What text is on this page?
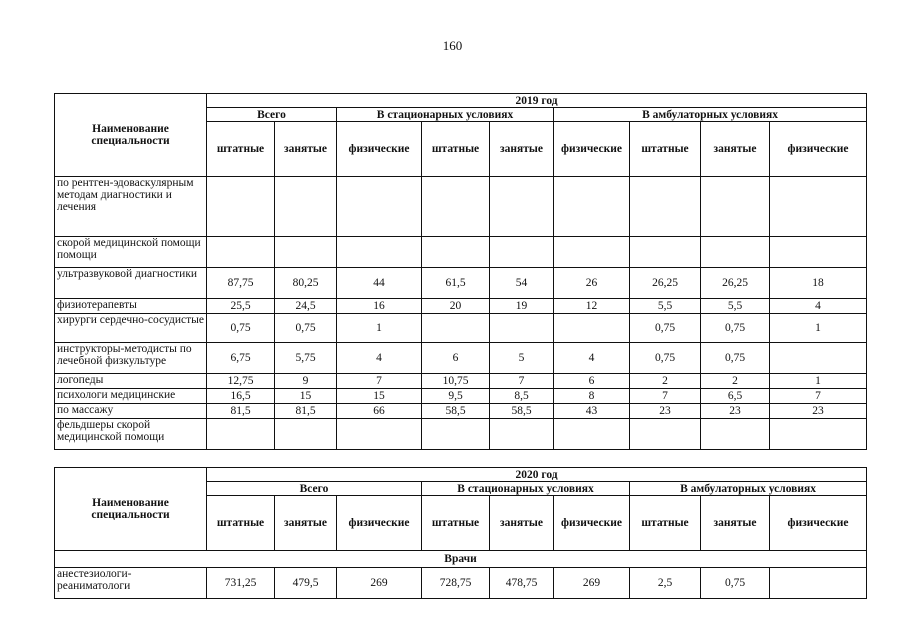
160
Наименование специальности	2019 год								
	Всего		В стационарных условиях			В амбулаторных условиях			
	штатные	занятые	физические	штатные	занятые	физические	штатные	занятые	физические
по рентген-эдоваскулярным методам диагностики и лечения									
скорой медицинской помощи помощи									
ультразвуковой диагностики	87,75	80,25	44	61,5	54	26	26,25	26,25	18
физиотерапевты	25,5	24,5	16	20	19	12	5,5	5,5	4
хирурги сердечно-сосудистые	0,75	0,75	1				0,75	0,75	1
инструкторы-методисты по лечебной физкультуре	6,75	5,75	4	6	5	4	0,75	0,75	
логопеды	12,75	9	7	10,75	7	6	2	2	1
психологи медицинские	16,5	15	15	9,5	8,5	8	7	6,5	7
по массажу	81,5	81,5	66	58,5	58,5	43	23	23	23
фельдшеры скорой медицинской помощи									
Наименование специальности	2020 год								
	Всего			В стационарных условиях			В амбулаторных условиях		
	штатные	занятые	физические	штатные	занятые	физические	штатные	занятые	физические
Врачи									
анестезиологи-реаниматологи	731,25	479,5	269	728,75	478,75	269	2,5	0,75	
